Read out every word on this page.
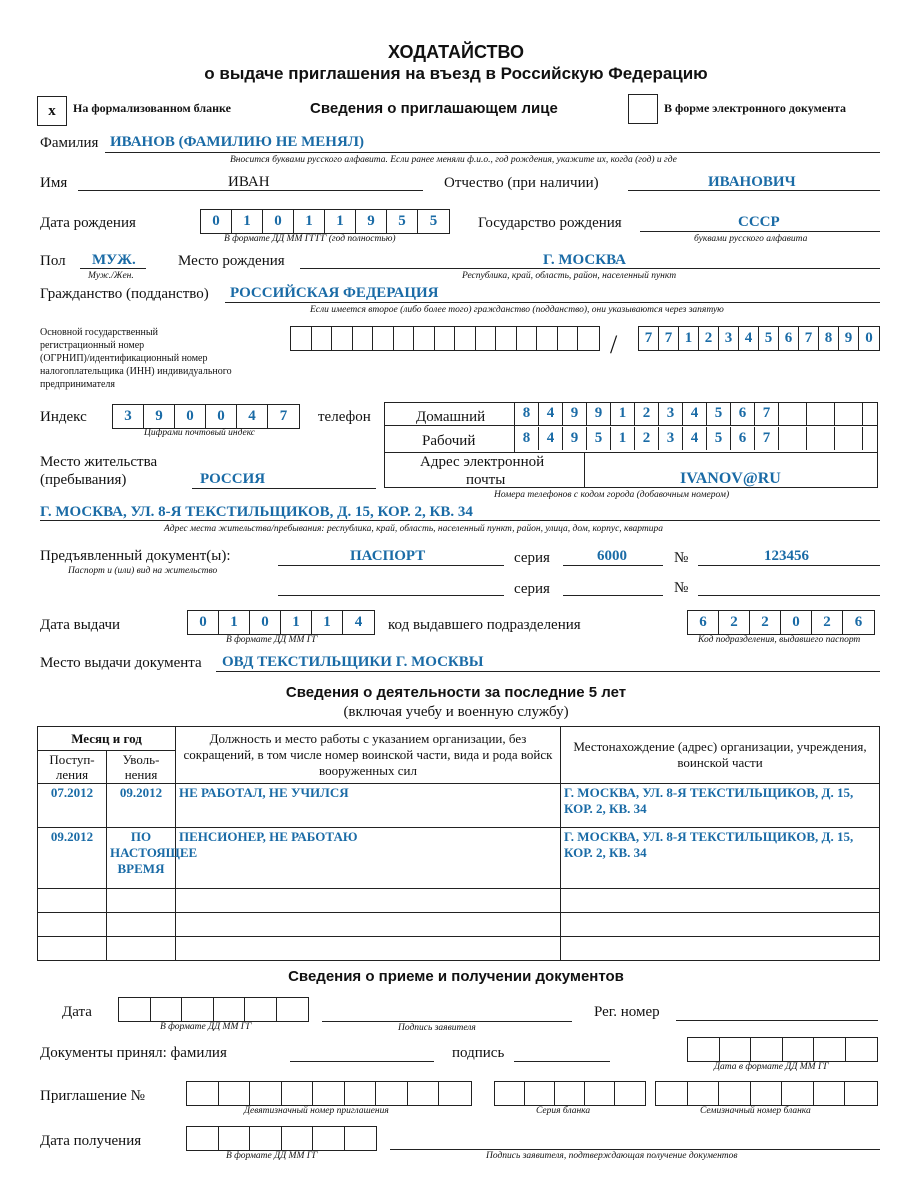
ХОДАТАЙСТВО
о выдаче приглашения на въезд в Российскую Федерацию
x На формализованном бланке	Сведения о приглашающем лице	В форме электронного документа
Фамилия ИВАНОВ (ФАМИЛИЮ НЕ МЕНЯЛ)
Вносится буквами русского алфавита. Если ранее меняли ф.и.о., год рождения, укажите их, когда (год) и где
Имя	ИВАН	Отчество (при наличии)	ИВАНОВИЧ
Дата рождения	0	1	0	1	1	9	5	5
В формате ДД ММ ГГГГ (год полностью)
Государство рождения	СССР
буквами русского алфавита
Пол МУЖ.
Муж./Жен.
Место рождения	Г. МОСКВА
Республика, край, область, район, населенный пункт
Гражданство (подданство) РОССИЙСКАЯ ФЕДЕРАЦИЯ
Если имеется второе (либо более того) гражданство (подданство), они указываются через запятую
Основной государственный
регистрационный номер
(ОГРНИП)/идентификационный номер
налогоплательщика (ИНН) индивидуального
предпринимателя
/	7 7 1 2 3 4 5 6 7 8 9 0
Индекс	3	9	0	0	4	7
Цифрами почтовый индекс
телефон	Домашний	8	4	9	9	1	2	3	4	5	6	7
Рабочий	8	4	9	5	1	2	3	4	5	6	7
Место жительства
(пребывания)	РОССИЯ
Адрес электронной
почты	IVANOV@RU
Номера телефонов с кодом города (добавочным номером)
Г. МОСКВА, УЛ. 8-Я ТЕКСТИЛЬЩИКОВ, Д. 15, КОР. 2, КВ. 34
Адрес места жительства/пребывания: республика, край, область, населенный пункт, район, улица, дом, корпус, квартира
Предъявленный документ(ы):
Паспорт и (или) вид на жительство
ПАСПОРТ	серия	6000	№	123456
серия	№
Дата выдачи	0	1	0	1	1	4
В формате ДД ММ ГГ
код выдавшего подразделения	6	2	2	0	2	6
Код подразделения, выдавшего паспорт
Место выдачи документа ОВД ТЕКСТИЛЬЩИКИ Г. МОСКВЫ
Сведения о деятельности за последние 5 лет
(включая учебу и военную службу)
Месяц и год		Должность и место работы с указанием организации, без сокращений, в том числе номер воинской части, вида и рода войск вооруженных сил	Местонахождение (адрес) организации, учреждения, воинской части
Поступ-
ления	Уволь-
нения		
07.2012	09.2012	НЕ РАБОТАЛ, НЕ УЧИЛСЯ	Г. МОСКВА, УЛ. 8-Я ТЕКСТИЛЬЩИКОВ, Д. 15, КОР. 2, КВ. 34
09.2012	ПО НАСТОЯЩЕЕ ВРЕМЯ	ПЕНСИОНЕР, НЕ РАБОТАЮ	Г. МОСКВА, УЛ. 8-Я ТЕКСТИЛЬЩИКОВ, Д. 15, КОР. 2, КВ. 34

Сведения о приеме и получении документов
Дата
В формате ДД ММ ГГ	Подпись заявителя
Рег. номер
Документы принял: фамилия	подпись
Дата в формате ДД ММ ГГ
Приглашение №
Девятизначный номер приглашения	Серия бланка	Семизначный номер бланка
Дата получения
В формате ДД ММ ГГ	Подпись заявителя, подтверждающая получение документов
